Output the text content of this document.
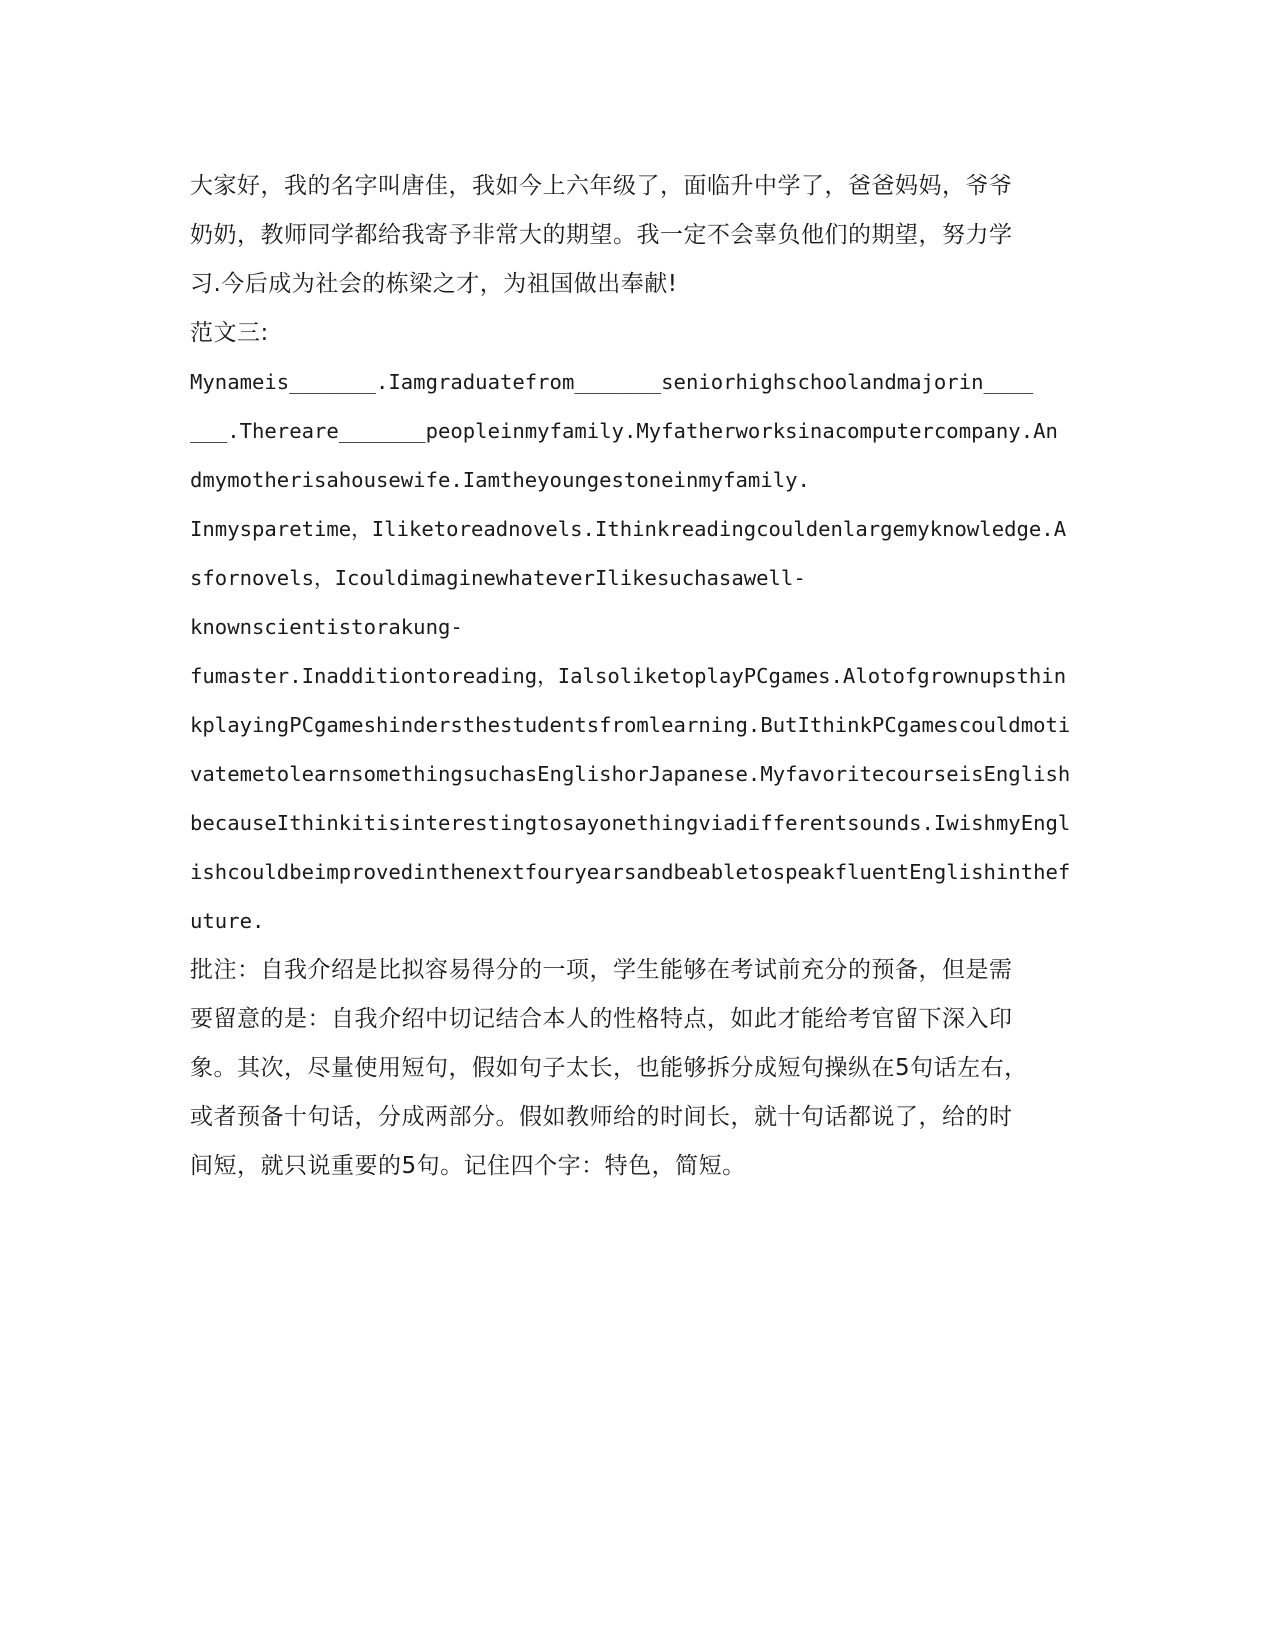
大家好，我的名字叫唐佳，我如今上六年级了，面临升中学了，爸爸妈妈，爷爷
奶奶，教师同学都给我寄予非常大的期望。我一定不会辜负他们的期望，努力学
习.今后成为社会的栋梁之才，为祖国做出奉献!
范文三:
Mynameis_______.Iamgraduatefrom_______seniorhighschoolandmajorin____
___.Thereare_______peopleinmyfamily.Myfatherworksinacomputercompany.An
dmymotherisahousewife.Iamtheyoungestoneinmyfamily.
Inmysparetime，Iliketoreadnovels.Ithinkreadingcouldenlargemyknowledge.A
sfornovels，IcouldimaginewhateverIlikesuchasawell-
knownscientistorakung-
fumaster.Inadditiontoreading，IalsoliketoplayPCgames.Alotofgrownupsthin
kplayingPCgameshindersthestudentsfromlearning.ButIthinkPCgamescouldmoti
vatemetolearnsomethingsuchasEnglishorJapanese.MyfavoritecourseisEnglish
becauseIthinkitisinterestingtosayonethingviadifferentsounds.IwishmyEngl
ishcouldbeimprovedinthenextfouryearsandbeabletospeakfluentEnglishinthef
uture.
批注：自我介绍是比拟容易得分的一项，学生能够在考试前充分的预备，但是需
要留意的是：自我介绍中切记结合本人的性格特点，如此才能给考官留下深入印
象。其次，尽量使用短句，假如句子太长，也能够拆分成短句操纵在5句话左右，
或者预备十句话，分成两部分。假如教师给的时间长，就十句话都说了，给的时
间短，就只说重要的5句。记住四个字：特色，简短。
